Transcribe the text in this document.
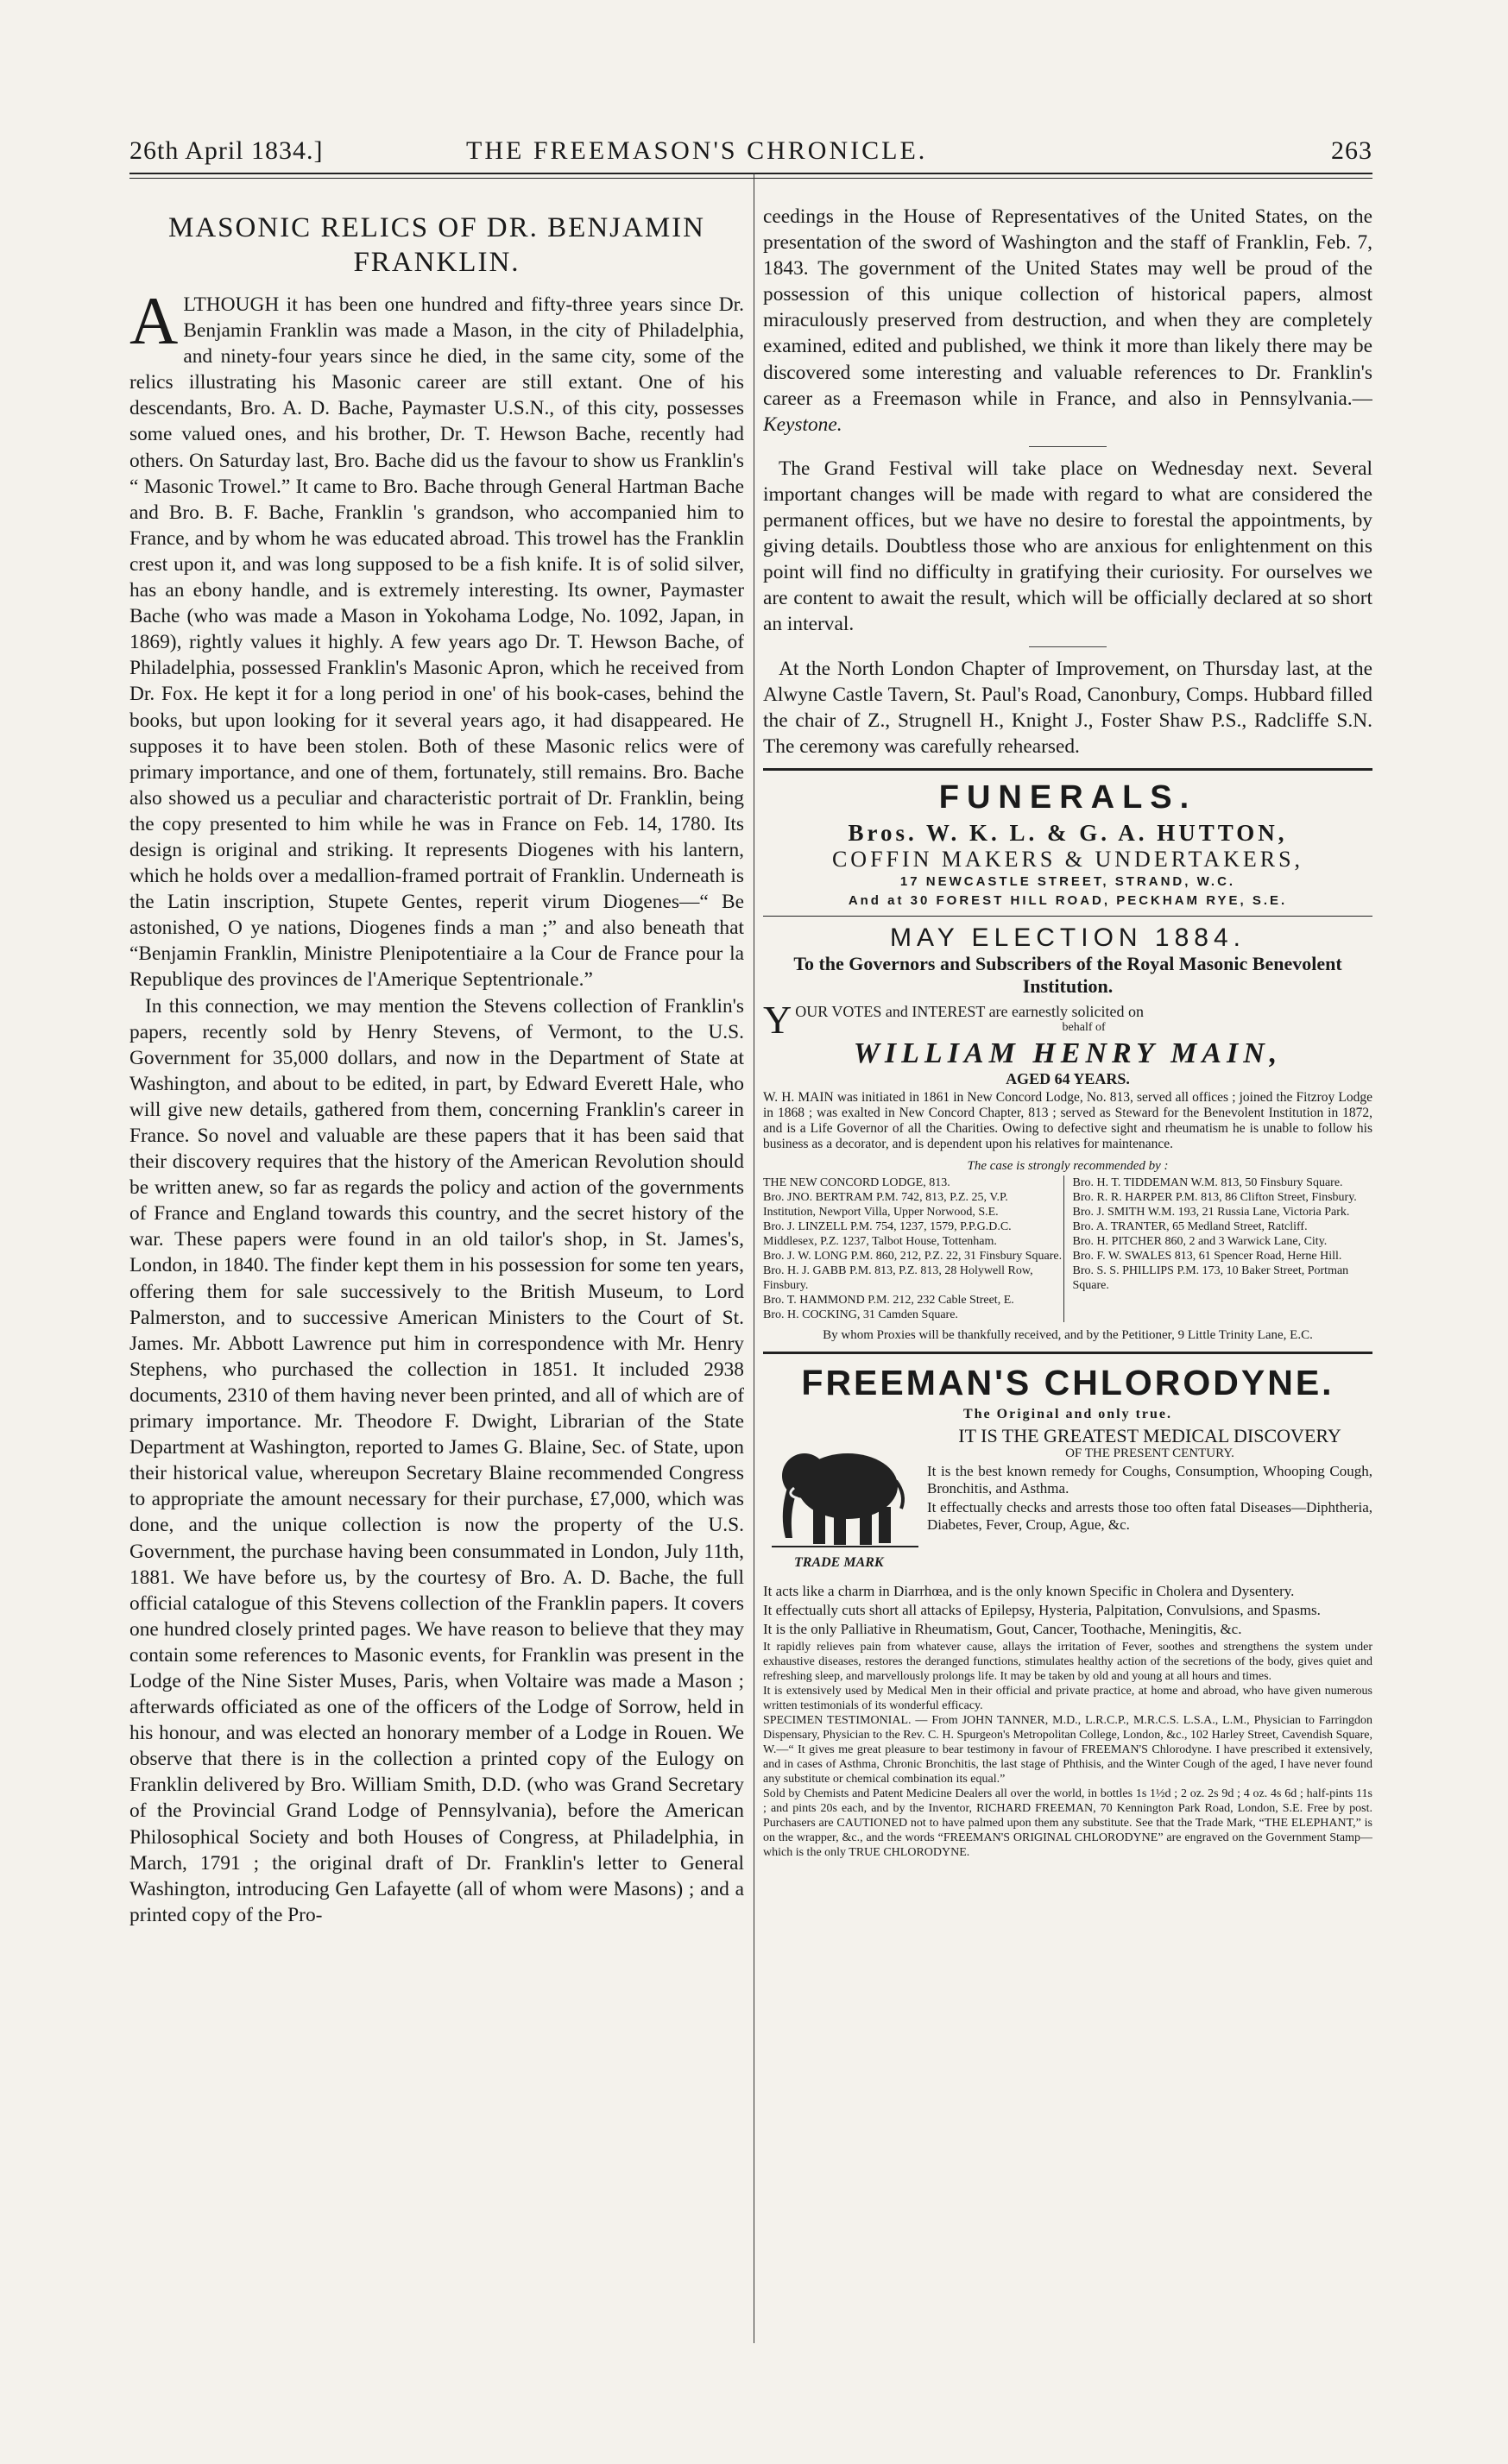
26th April 1834.]	THE FREEMASON'S CHRONICLE.	263
MASONIC RELICS OF DR. BENJAMIN FRANKLIN.

ALTHOUGH it has been one hundred and fifty-three years since Dr. Benjamin Franklin was made a Mason, in the city of Philadelphia, and ninety-four years since he died, in the same city, some of the relics illustrating his Masonic career are still extant. One of his descendants, Bro. A. D. Bache, Paymaster U.S.N., of this city, possesses some valued ones, and his brother, Dr. T. Hewson Bache, recently had others. On Saturday last, Bro. Bache did us the favour to show us Franklin's “ Masonic Trowel.” It came to Bro. Bache through General Hartman Bache and Bro. B. F. Bache, Franklin 's grandson, who accompanied him to France, and by whom he was educated abroad. This trowel has the Franklin crest upon it, and was long supposed to be a fish knife. It is of solid silver, has an ebony handle, and is extremely interesting. Its owner, Paymaster Bache (who was made a Mason in Yokohama Lodge, No. 1092, Japan, in 1869), rightly values it highly. A few years ago Dr. T. Hewson Bache, of Philadelphia, possessed Franklin's Masonic Apron, which he received from Dr. Fox. He kept it for a long period in one' of his book-cases, behind the books, but upon looking for it several years ago, it had disappeared. He supposes it to have been stolen. Both of these Masonic relics were of primary importance, and one of them, fortunately, still remains. Bro. Bache also showed us a peculiar and characteristic portrait of Dr. Franklin, being the copy presented to him while he was in France on Feb. 14, 1780. Its design is original and striking. It represents Diogenes with his lantern, which he holds over a medallion-framed portrait of Franklin. Underneath is the Latin inscription, Stupete Gentes, reperit virum Diogenes—“ Be astonished, O ye nations, Diogenes finds a man ;” and also beneath that “Benjamin Franklin, Ministre Plenipotentiaire a la Cour de France pour la Republique des provinces de l'Amerique Septentrionale.”

In this connection, we may mention the Stevens collection of Franklin's papers, recently sold by Henry Stevens, of Vermont, to the U.S. Government for 35,000 dollars, and now in the Department of State at Washington, and about to be edited, in part, by Edward Everett Hale, who will give new details, gathered from them, concerning Franklin's career in France. So novel and valuable are these papers that it has been said that their discovery requires that the history of the American Revolution should be written anew, so far as regards the policy and action of the governments of France and England towards this country, and the secret history of the war. These papers were found in an old tailor's shop, in St. James's, London, in 1840. The finder kept them in his possession for some ten years, offering them for sale successively to the British Museum, to Lord Palmerston, and to successive American Ministers to the Court of St. James. Mr. Abbott Lawrence put him in correspondence with Mr. Henry Stephens, who purchased the collection in 1851. It included 2938 documents, 2310 of them having never been printed, and all of which are of primary importance. Mr. Theodore F. Dwight, Librarian of the State Department at Washington, reported to James G. Blaine, Sec. of State, upon their historical value, whereupon Secretary Blaine recommended Congress to appropriate the amount necessary for their purchase, £7,000, which was done, and the unique collection is now the property of the U.S. Government, the purchase having been consummated in London, July 11th, 1881. We have before us, by the courtesy of Bro. A. D. Bache, the full official catalogue of this Stevens collection of the Franklin papers. It covers one hundred closely printed pages. We have reason to believe that they may contain some references to Masonic events, for Franklin was present in the Lodge of the Nine Sister Muses, Paris, when Voltaire was made a Mason ; afterwards officiated as one of the officers of the Lodge of Sorrow, held in his honour, and was elected an honorary member of a Lodge in Rouen. We observe that there is in the collection a printed copy of the Eulogy on Franklin delivered by Bro. William Smith, D.D. (who was Grand Secretary of the Provincial Grand Lodge of Pennsylvania), before the American Philosophical Society and both Houses of Congress, at Philadelphia, in March, 1791 ; the original draft of Dr. Franklin's letter to General Washington, introducing Gen Lafayette (all of whom were Masons) ; and a printed copy of the Pro-

ceedings in the House of Representatives of the United States, on the presentation of the sword of Washington and the staff of Franklin, Feb. 7, 1843. The government of the United States may well be proud of the possession of this unique collection of historical papers, almost miraculously preserved from destruction, and when they are completely examined, edited and published, we think it more than likely there may be discovered some interesting and valuable references to Dr. Franklin's career as a Freemason while in France, and also in Pennsylvania.— Keystone.

The Grand Festival will take place on Wednesday next. Several important changes will be made with regard to what are considered the permanent offices, but we have no desire to forestal the appointments, by giving details. Doubtless those who are anxious for enlightenment on this point will find no difficulty in gratifying their curiosity. For ourselves we are content to await the result, which will be officially declared at so short an interval.

At the North London Chapter of Improvement, on Thursday last, at the Alwyne Castle Tavern, St. Paul's Road, Canonbury, Comps. Hubbard filled the chair of Z., Strugnell H., Knight J., Foster Shaw P.S., Radcliffe S.N. The ceremony was carefully rehearsed.

FUNERALS.
Bros. W. K. L. & G. A. HUTTON,
COFFIN MAKERS & UNDERTAKERS,
17 NEWCASTLE STREET, STRAND, W.C.
And at 30 FOREST HILL ROAD, PECKHAM RYE, S.E.
MAY ELECTION 1884.
To the Governors and Subscribers of the Royal Masonic Benevolent Institution.
YOUR VOTES and INTEREST are earnestly solicited on
behalf of
WILLIAM HENRY MAIN,
AGED 64 YEARS.

W. H. MAIN was initiated in 1861 in New Concord Lodge, No. 813, served all offices ; joined the Fitzroy Lodge in 1868 ; was exalted in New Concord Chapter, 813 ; served as Steward for the Benevolent Institution in 1872, and is a Life Governor of all the Charities. Owing to defective sight and rheumatism he is unable to follow his business as a decorator, and is dependent upon his relatives for maintenance.

The case is strongly recommended by :
THE NEW CONCORD LODGE, 813.
Bro. JNO. BERTRAM P.M. 742, 813, P.Z. 25, V.P. Institution, Newport Villa, Upper Norwood, S.E.
Bro. J. LINZELL P.M. 754, 1237, 1579, P.P.G.D.C. Middlesex, P.Z. 1237, Talbot House, Tottenham.
Bro. J. W. LONG P.M. 860, 212, P.Z. 22, 31 Finsbury Square.
Bro. H. J. GABB P.M. 813, P.Z. 813, 28 Holywell Row, Finsbury.
Bro. T. HAMMOND P.M. 212, 232 Cable Street, E.
Bro. H. COCKING, 31 Camden Square.
Bro. H. T. TIDDEMAN W.M. 813, 50 Finsbury Square.
Bro. R. R. HARPER P.M. 813, 86 Clifton Street, Finsbury.
Bro. J. SMITH W.M. 193, 21 Russia Lane, Victoria Park.
Bro. A. TRANTER, 65 Medland Street, Ratcliff.
Bro. H. PITCHER 860, 2 and 3 Warwick Lane, City.
Bro. F. W. SWALES 813, 61 Spencer Road, Herne Hill.
Bro. S. S. PHILLIPS P.M. 173, 10 Baker Street, Portman Square.
By whom Proxies will be thankfully received, and by the Petitioner, 9 Little Trinity Lane, E.C.
FREEMAN'S CHLORODYNE.
The Original and only true.
TRADE MARK
IT IS THE GREATEST MEDICAL DISCOVERY
OF THE PRESENT CENTURY.

It is the best known remedy for Coughs, Consumption, Whooping Cough, Bronchitis, and Asthma.

It effectually checks and arrests those too often fatal Diseases—Diphtheria, Diabetes, Fever, Croup, Ague, &c.

It acts like a charm in Diarrhœa, and is the only known Specific in Cholera and Dysentery.

It effectually cuts short all attacks of Epilepsy, Hysteria, Palpitation, Convulsions, and Spasms.

It is the only Palliative in Rheumatism, Gout, Cancer, Toothache, Meningitis, &c.

It rapidly relieves pain from whatever cause, allays the irritation of Fever, soothes and strengthens the system under exhaustive diseases, restores the deranged functions, stimulates healthy action of the secretions of the body, gives quiet and refreshing sleep, and marvellously prolongs life. It may be taken by old and young at all hours and times.

It is extensively used by Medical Men in their official and private practice, at home and abroad, who have given numerous written testimonials of its wonderful efficacy.

SPECIMEN TESTIMONIAL. — From JOHN TANNER, M.D., L.R.C.P., M.R.C.S. L.S.A., L.M., Physician to Farringdon Dispensary, Physician to the Rev. C. H. Spurgeon's Metropolitan College, London, &c., 102 Harley Street, Cavendish Square, W.—“ It gives me great pleasure to bear testimony in favour of FREEMAN'S Chlorodyne. I have prescribed it extensively, and in cases of Asthma, Chronic Bronchitis, the last stage of Phthisis, and the Winter Cough of the aged, I have never found any substitute or chemical combination its equal.”

Sold by Chemists and Patent Medicine Dealers all over the world, in bottles 1s 1½d ; 2 oz. 2s 9d ; 4 oz. 4s 6d ; half-pints 11s ; and pints 20s each, and by the Inventor, RICHARD FREEMAN, 70 Kennington Park Road, London, S.E. Free by post. Purchasers are CAUTIONED not to have palmed upon them any substitute. See that the Trade Mark, “THE ELEPHANT,” is on the wrapper, &c., and the words “FREEMAN'S ORIGINAL CHLORODYNE” are engraved on the Government Stamp—which is the only TRUE CHLORODYNE.
